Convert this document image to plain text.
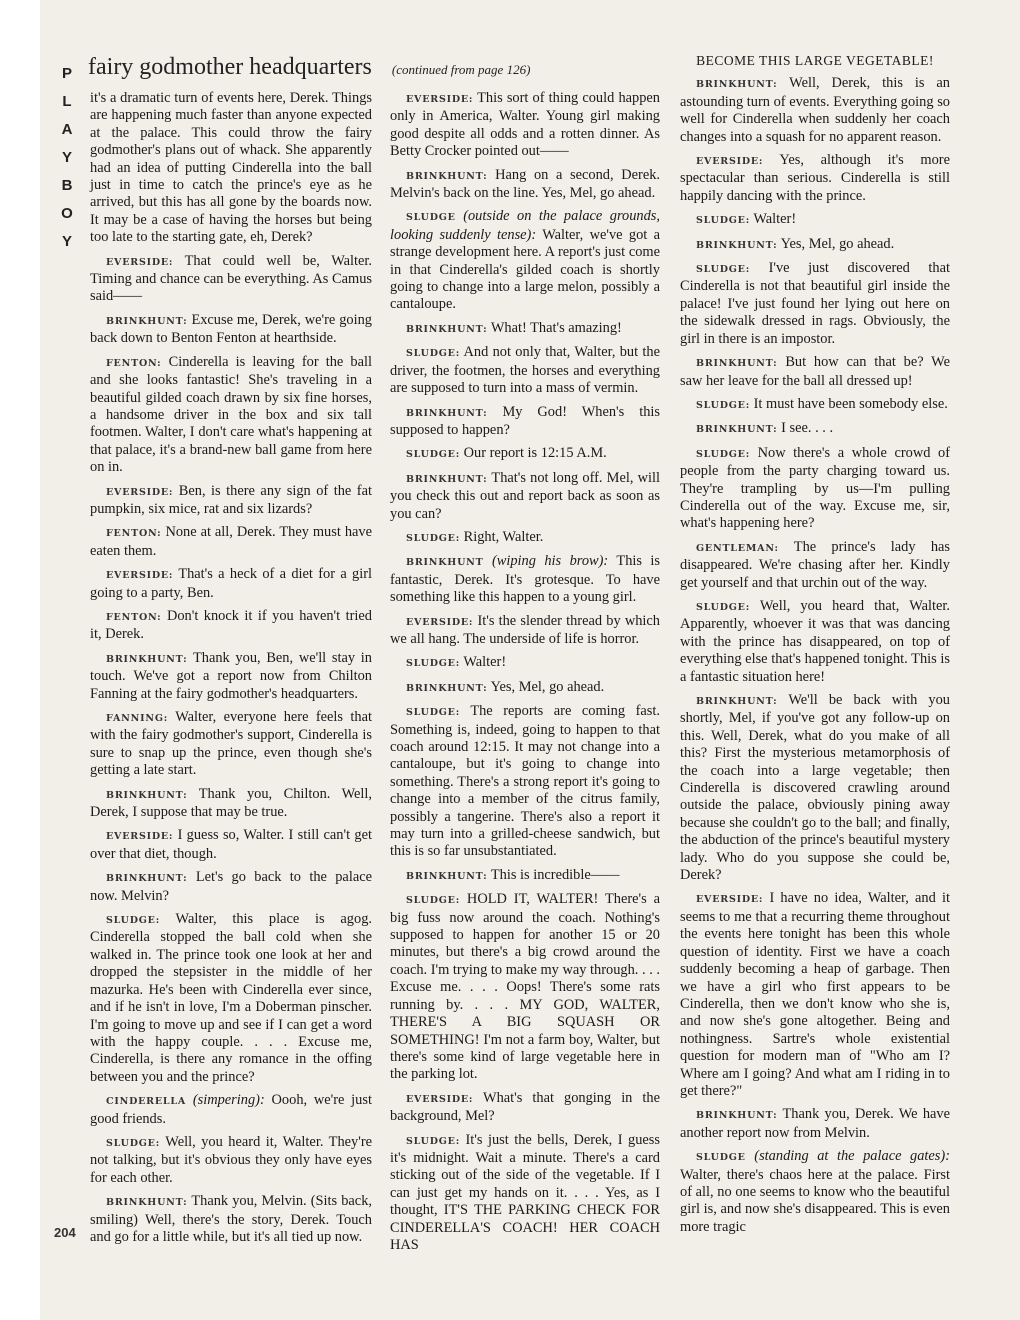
P
L
A
Y
B
O
Y
fairy godmother headquarters (continued from page 126)

it's a dramatic turn of events here, Derek. Things are happening much faster than anyone expected at the palace. This could throw the fairy godmother's plans out of whack. She apparently had an idea of putting Cinderella into the ball just in time to catch the prince's eye as he arrived, but this has all gone by the boards now. It may be a case of having the horses but being too late to the starting gate, eh, Derek?

EVERSIDE: That could well be, Walter. Timing and chance can be everything. As Camus said——

BRINKHUNT: Excuse me, Derek, we're going back down to Benton Fenton at hearthside.

FENTON: Cinderella is leaving for the ball and she looks fantastic! She's traveling in a beautiful gilded coach drawn by six fine horses, a handsome driver in the box and six tall footmen. Walter, I don't care what's happening at that palace, it's a brand-new ball game from here on in.

EVERSIDE: Ben, is there any sign of the fat pumpkin, six mice, rat and six lizards?

FENTON: None at all, Derek. They must have eaten them.

EVERSIDE: That's a heck of a diet for a girl going to a party, Ben.

FENTON: Don't knock it if you haven't tried it, Derek.

BRINKHUNT: Thank you, Ben, we'll stay in touch. We've got a report now from Chilton Fanning at the fairy godmother's headquarters.

FANNING: Walter, everyone here feels that with the fairy godmother's support, Cinderella is sure to snap up the prince, even though she's getting a late start.

BRINKHUNT: Thank you, Chilton. Well, Derek, I suppose that may be true.

EVERSIDE: I guess so, Walter. I still can't get over that diet, though.

BRINKHUNT: Let's go back to the palace now. Melvin?

SLUDGE: Walter, this place is agog. Cinderella stopped the ball cold when she walked in. The prince took one look at her and dropped the stepsister in the middle of her mazurka. He's been with Cinderella ever since, and if he isn't in love, I'm a Doberman pinscher. I'm going to move up and see if I can get a word with the happy couple. . . . Excuse me, Cinderella, is there any romance in the offing between you and the prince?

CINDERELLA (simpering): Oooh, we're just good friends.

SLUDGE: Well, you heard it, Walter. They're not talking, but it's obvious they only have eyes for each other.

BRINKHUNT: Thank you, Melvin. (Sits back, smiling) Well, there's the story, Derek. Touch and go for a little while, but it's all tied up now.

EVERSIDE: This sort of thing could happen only in America, Walter. Young girl making good despite all odds and a rotten dinner. As Betty Crocker pointed out——

BRINKHUNT: Hang on a second, Derek. Melvin's back on the line. Yes, Mel, go ahead.

SLUDGE (outside on the palace grounds, looking suddenly tense): Walter, we've got a strange development here. A report's just come in that Cinderella's gilded coach is shortly going to change into a large melon, possibly a cantaloupe.

BRINKHUNT: What! That's amazing!

SLUDGE: And not only that, Walter, but the driver, the footmen, the horses and everything are supposed to turn into a mass of vermin.

BRINKHUNT: My God! When's this supposed to happen?

SLUDGE: Our report is 12:15 A.M.

BRINKHUNT: That's not long off. Mel, will you check this out and report back as soon as you can?

SLUDGE: Right, Walter.

BRINKHUNT (wiping his brow): This is fantastic, Derek. It's grotesque. To have something like this happen to a young girl.

EVERSIDE: It's the slender thread by which we all hang. The underside of life is horror.

SLUDGE: Walter!

BRINKHUNT: Yes, Mel, go ahead.

SLUDGE: The reports are coming fast. Something is, indeed, going to happen to that coach around 12:15. It may not change into a cantaloupe, but it's going to change into something. There's a strong report it's going to change into a member of the citrus family, possibly a tangerine. There's also a report it may turn into a grilled-cheese sandwich, but this is so far unsubstantiated.

BRINKHUNT: This is incredible——

SLUDGE: HOLD IT, WALTER! There's a big fuss now around the coach. Nothing's supposed to happen for another 15 or 20 minutes, but there's a big crowd around the coach. I'm trying to make my way through. . . . Excuse me. . . . Oops! There's some rats running by. . . . MY GOD, WALTER, THERE'S A BIG SQUASH OR SOMETHING! I'm not a farm boy, Walter, but there's some kind of large vegetable here in the parking lot.

EVERSIDE: What's that gonging in the background, Mel?

SLUDGE: It's just the bells, Derek, I guess it's midnight. Wait a minute. There's a card sticking out of the side of the vegetable. If I can just get my hands on it. . . . Yes, as I thought, IT'S THE PARKING CHECK FOR CINDERELLA'S COACH! HER COACH HAS

BECOME THIS LARGE VEGETABLE!

BRINKHUNT: Well, Derek, this is an astounding turn of events. Everything going so well for Cinderella when suddenly her coach changes into a squash for no apparent reason.

EVERSIDE: Yes, although it's more spectacular than serious. Cinderella is still happily dancing with the prince.

SLUDGE: Walter!

BRINKHUNT: Yes, Mel, go ahead.

SLUDGE: I've just discovered that Cinderella is not that beautiful girl inside the palace! I've just found her lying out here on the sidewalk dressed in rags. Obviously, the girl in there is an impostor.

BRINKHUNT: But how can that be? We saw her leave for the ball all dressed up!

SLUDGE: It must have been somebody else.

BRINKHUNT: I see. . . .

SLUDGE: Now there's a whole crowd of people from the party charging toward us. They're trampling by us—I'm pulling Cinderella out of the way. Excuse me, sir, what's happening here?

GENTLEMAN: The prince's lady has disappeared. We're chasing after her. Kindly get yourself and that urchin out of the way.

SLUDGE: Well, you heard that, Walter. Apparently, whoever it was that was dancing with the prince has disappeared, on top of everything else that's happened tonight. This is a fantastic situation here!

BRINKHUNT: We'll be back with you shortly, Mel, if you've got any follow-up on this. Well, Derek, what do you make of all this? First the mysterious metamorphosis of the coach into a large vegetable; then Cinderella is discovered crawling around outside the palace, obviously pining away because she couldn't go to the ball; and finally, the abduction of the prince's beautiful mystery lady. Who do you suppose she could be, Derek?

EVERSIDE: I have no idea, Walter, and it seems to me that a recurring theme throughout the events here tonight has been this whole question of identity. First we have a coach suddenly becoming a heap of garbage. Then we have a girl who first appears to be Cinderella, then we don't know who she is, and now she's gone altogether. Being and nothingness. Sartre's whole existential question for modern man of "Who am I? Where am I going? And what am I riding in to get there?"

BRINKHUNT: Thank you, Derek. We have another report now from Melvin.

SLUDGE (standing at the palace gates): Walter, there's chaos here at the palace. First of all, no one seems to know who the beautiful girl is, and now she's disappeared. This is even more tragic

204
